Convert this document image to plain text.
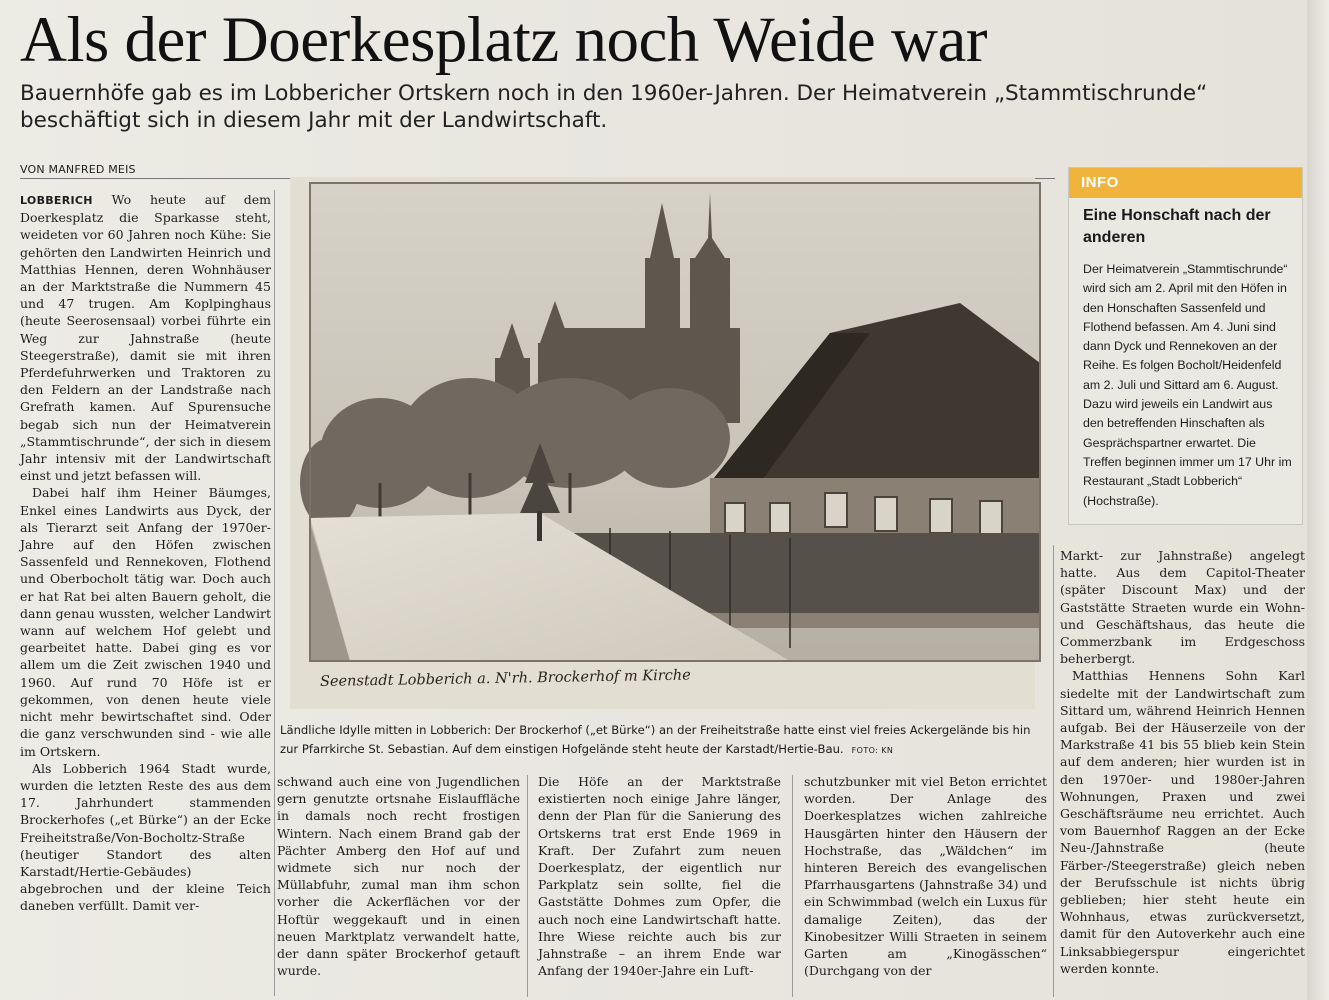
Als der Doerkesplatz noch Weide war
Bauernhöfe gab es im Lobbericher Ortskern noch in den 1960er-Jahren. Der Heimatverein „Stammtischrunde“ beschäftigt sich in diesem Jahr mit der Landwirtschaft.
VON MANFRED MEIS

LOBBERICH Wo heute auf dem Doerkesplatz die Sparkasse steht, weideten vor 60 Jahren noch Kühe: Sie gehörten den Landwirten Heinrich und Matthias Hennen, deren Wohnhäuser an der Marktstraße die Nummern 45 und 47 trugen. Am Koplpinghaus (heute Seerosensaal) vorbei führte ein Weg zur Jahnstraße (heute Steegerstraße), damit sie mit ihren Pferdefuhrwerken und Traktoren zu den Feldern an der Landstraße nach Grefrath kamen. Auf Spurensuche begab sich nun der Heimatverein „Stammtischrunde“, der sich in diesem Jahr intensiv mit der Landwirtschaft einst und jetzt befassen will.

Dabei half ihm Heiner Bäumges, Enkel eines Landwirts aus Dyck, der als Tierarzt seit Anfang der 1970er-Jahre auf den Höfen zwischen Sassenfeld und Rennekoven, Flothend und Oberbocholt tätig war. Doch auch er hat Rat bei alten Bauern geholt, die dann genau wussten, welcher Landwirt wann auf welchem Hof gelebt und gearbeitet hatte. Dabei ging es vor allem um die Zeit zwischen 1940 und 1960. Auf rund 70 Höfe ist er gekommen, von denen heute viele nicht mehr bewirtschaftet sind. Oder die ganz verschwunden sind - wie alle im Ortskern.

Als Lobberich 1964 Stadt wurde, wurden die letzten Reste des aus dem 17. Jahrhundert stammenden Brockerhofes („et Bürke“) an der Ecke Freiheitstraße/Von-Bocholtz-Straße (heutiger Standort des alten Karstadt/Hertie-Gebäudes) abgebrochen und der kleine Teich daneben verfüllt. Damit ver-

Seenstadt Lobberich a. N'rh. Brockerhof m Kirche
Ländliche Idylle mitten in Lobberich: Der Brockerhof („et Bürke“) an der Freiheitstraße hatte einst viel freies Ackergelände bis hin zur Pfarrkirche St. Sebastian. Auf dem einstigen Hofgelände steht heute der Karstadt/Hertie-Bau. FOTO: KN

schwand auch eine von Jugendlichen gern genutzte ortsnahe Eislauffläche in damals noch recht frostigen Wintern. Nach einem Brand gab der Pächter Amberg den Hof auf und widmete sich nur noch der Müllabfuhr, zumal man ihm schon vorher die Ackerflächen vor der Hoftür weggekauft und in einen neuen Marktplatz verwandelt hatte, der dann später Brockerhof getauft wurde.

Die Höfe an der Marktstraße existierten noch einige Jahre länger, denn der Plan für die Sanierung des Ortskerns trat erst Ende 1969 in Kraft. Der Zufahrt zum neuen Doerkesplatz, der eigentlich nur Parkplatz sein sollte, fiel die Gaststätte Dohmes zum Opfer, die auch noch eine Landwirtschaft hatte. Ihre Wiese reichte auch bis zur Jahnstraße – an ihrem Ende war Anfang der 1940er-Jahre ein Luft-

schutzbunker mit viel Beton errichtet worden. Der Anlage des Doerkesplatzes wichen zahlreiche Hausgärten hinter den Häusern der Hochstraße, das „Wäldchen“ im hinteren Bereich des evangelischen Pfarrhausgartens (Jahnstraße 34) und ein Schwimmbad (welch ein Luxus für damalige Zeiten), das der Kinobesitzer Willi Straeten in seinem Garten am „Kinogässchen“ (Durchgang von der

INFO
Eine Honschaft nach der anderen
Der Heimatverein „Stammtischrunde“ wird sich am 2. April mit den Höfen in den Honschaften Sassenfeld und Flothend befassen. Am 4. Juni sind dann Dyck und Rennekoven an der Reihe. Es folgen Bocholt/Heidenfeld am 2. Juli und Sittard am 6. August. Dazu wird jeweils ein Landwirt aus den betreffenden Hinschaften als Gesprächspartner erwartet. Die Treffen beginnen immer um 17 Uhr im Restaurant „Stadt Lobberich“ (Hochstraße).

Markt- zur Jahnstraße) angelegt hatte. Aus dem Capitol-Theater (später Discount Max) und der Gaststätte Straeten wurde ein Wohn- und Geschäftshaus, das heute die Commerzbank im Erdgeschoss beherbergt.

Matthias Hennens Sohn Karl siedelte mit der Landwirtschaft zum Sittard um, während Heinrich Hennen aufgab. Bei der Häuserzeile von der Markstraße 41 bis 55 blieb kein Stein auf dem anderen; hier wurden ist in den 1970er- und 1980er-Jahren Wohnungen, Praxen und zwei Geschäftsräume neu errichtet. Auch vom Bauernhof Raggen an der Ecke Neu-/Jahnstraße (heute Färber-/Steegerstraße) gleich neben der Berufsschule ist nichts übrig geblieben; hier steht heute ein Wohnhaus, etwas zurückversetzt, damit für den Autoverkehr auch eine Linksabbiegerspur eingerichtet werden konnte.
